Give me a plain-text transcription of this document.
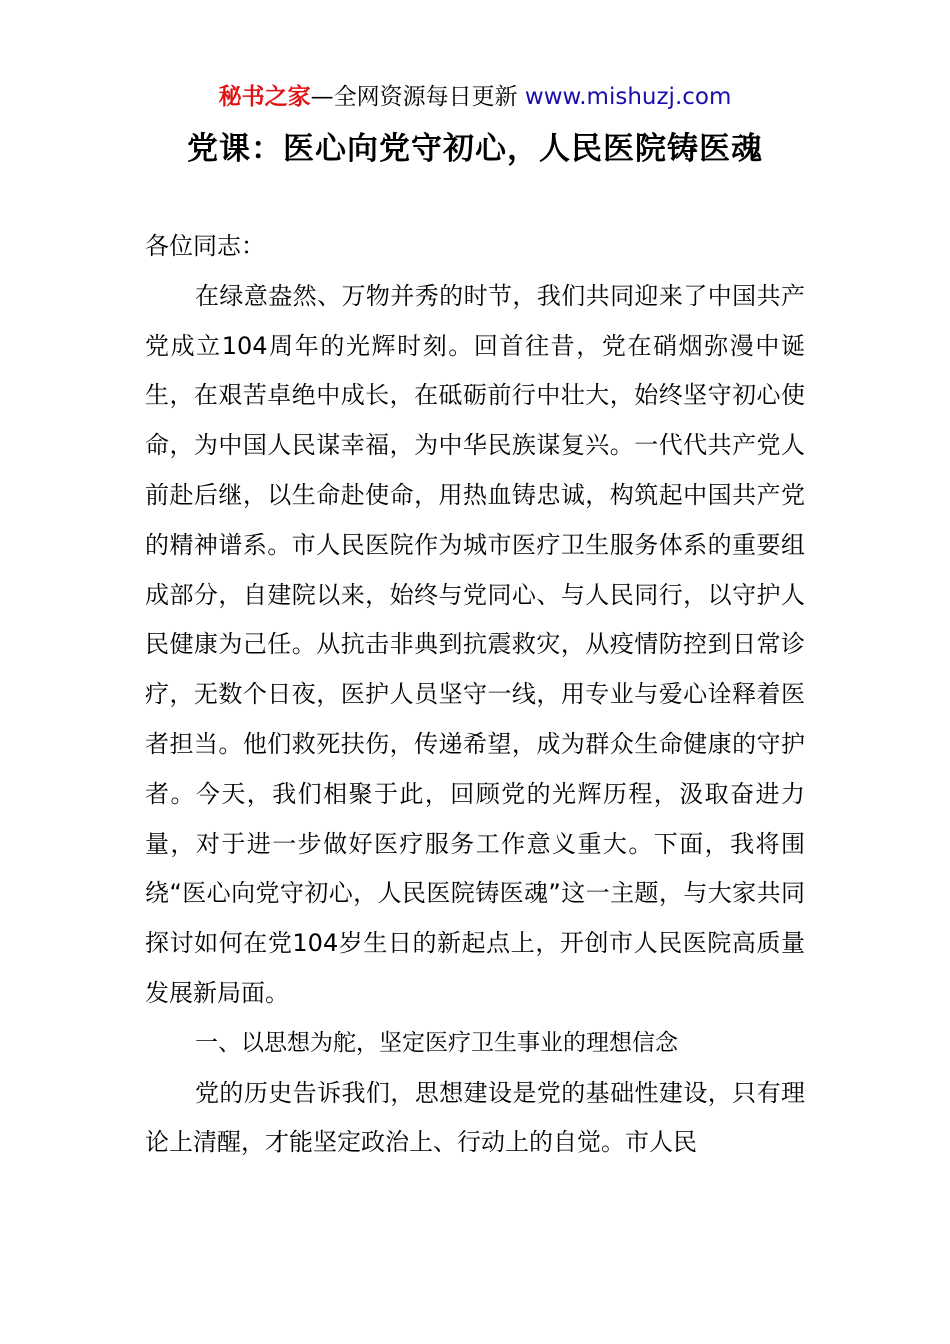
秘书之家—全网资源每日更新 www.mishuzj.com
党课：医心向党守初心，人民医院铸医魂

各位同志：

在绿意盎然、万物并秀的时节，我们共同迎来了中国共产党成立104周年的光辉时刻。回首往昔，党在硝烟弥漫中诞生，在艰苦卓绝中成长，在砥砺前行中壮大，始终坚守初心使命，为中国人民谋幸福，为中华民族谋复兴。一代代共产党人前赴后继，以生命赴使命，用热血铸忠诚，构筑起中国共产党的精神谱系。市人民医院作为城市医疗卫生服务体系的重要组成部分，自建院以来，始终与党同心、与人民同行，以守护人民健康为己任。从抗击非典到抗震救灾，从疫情防控到日常诊疗，无数个日夜，医护人员坚守一线，用专业与爱心诠释着医者担当。他们救死扶伤，传递希望，成为群众生命健康的守护者。今天，我们相聚于此，回顾党的光辉历程，汲取奋进力量，对于进一步做好医疗服务工作意义重大。下面，我将围绕“医心向党守初心，人民医院铸医魂”这一主题，与大家共同探讨如何在党104岁生日的新起点上，开创市人民医院高质量发展新局面。

一、以思想为舵，坚定医疗卫生事业的理想信念

党的历史告诉我们，思想建设是党的基础性建设，只有理论上清醒，才能坚定政治上、行动上的自觉。市人民
